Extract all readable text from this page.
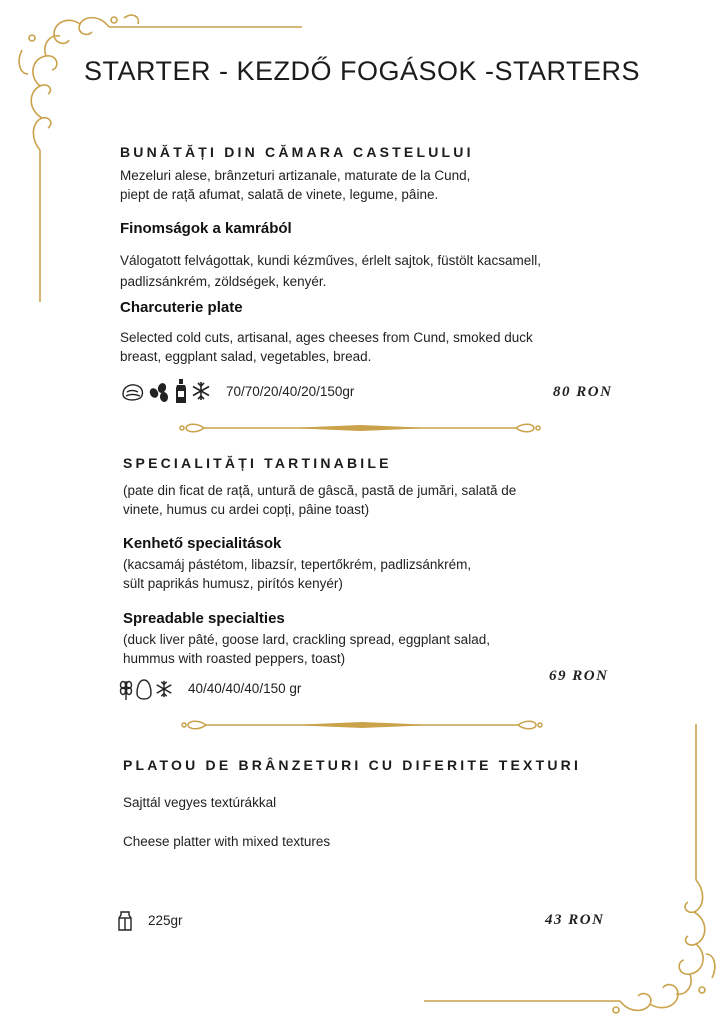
STARTER - KEZDŐ FOGÁSOK -STARTERS
BUNĂTĂȚI DIN CĂMARA CASTELULUI
Mezeluri alese, brânzeturi artizanale, maturate de la Cund,
piept de rață afumat, salată de vinete, legume, pâine.
Finomságok a kamrából
Válogatott felvágottak, kundi kézműves, érlelt sajtok, füstölt kacsamell,
padlizsánkrém, zöldségek, kenyér.
Charcuterie plate
Selected cold cuts, artisanal, ages cheeses from Cund, smoked duck
breast, eggplant salad, vegetables, bread.
70/70/20/40/20/150gr	80 RON
SPECIALITĂȚI TARTINABILE
(pate din ficat de rață, untură de gâscă, pastă de jumări, salată de
vinete, humus cu ardei copți, pâine toast)
Kenhető specialitások
(kacsamáj pástétom, libazsír, tepertőkrém, padlizsánkrém,
sült paprikás humusz, pirítós kenyér)
Spreadable specialties
(duck liver pâté, goose lard, crackling spread, eggplant salad,
hummus with roasted peppers, toast)
40/40/40/40/150 gr
69 RON
PLATOU DE BRÂNZETURI CU DIFERITE TEXTURI
Sajttál vegyes textúrákkal
Cheese platter with mixed textures
225gr	43 RON
